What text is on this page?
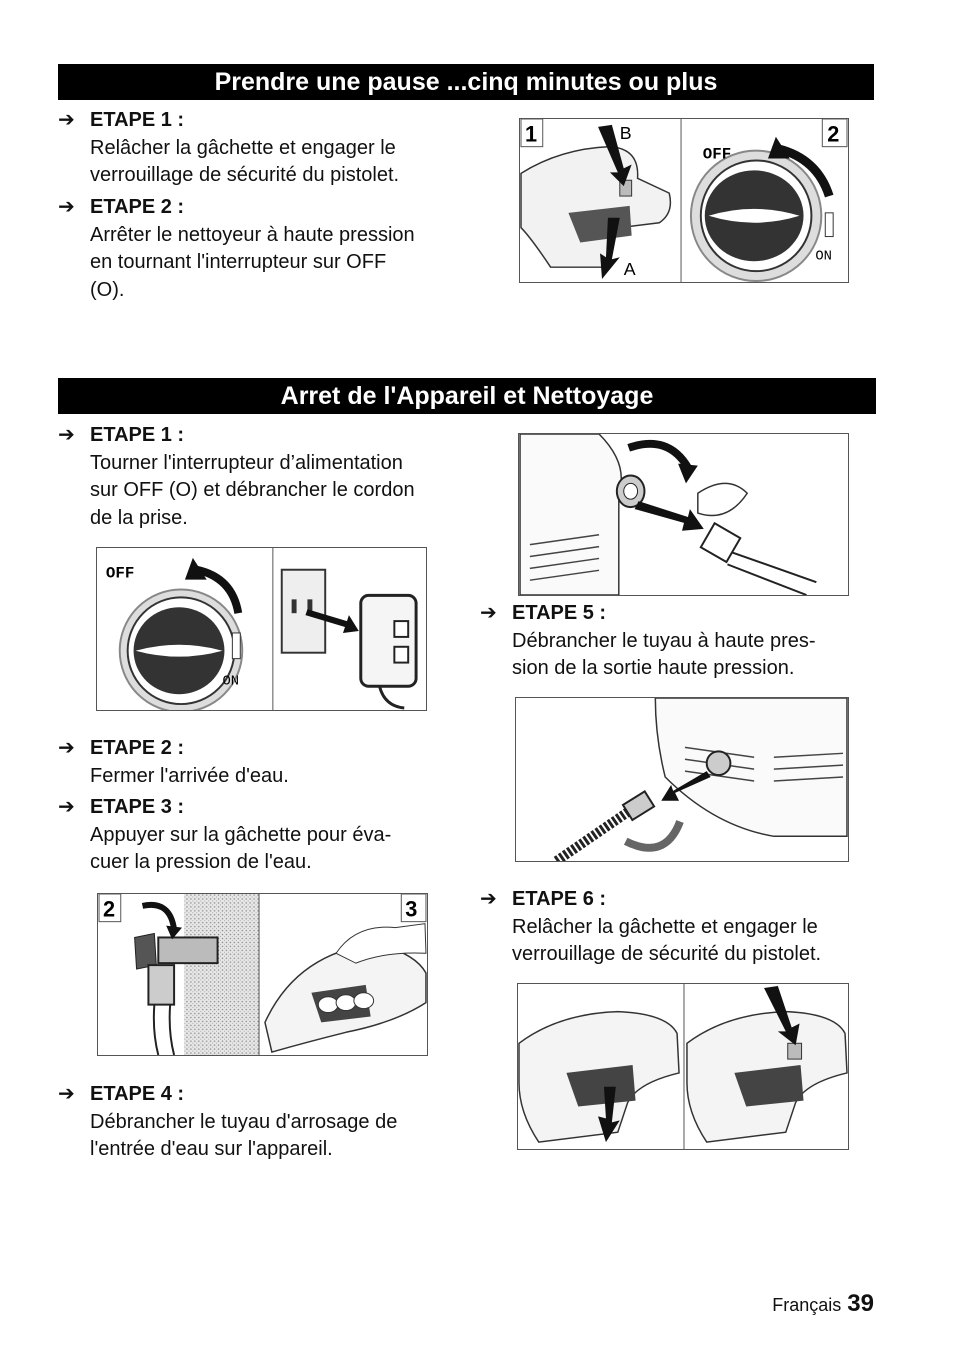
Prendre une pause ...cinq minutes ou plus
➔ ETAPE 1 :
Relâcher la gâchette et engager le
verrouillage de sécurité du pistolet.
➔ ETAPE 2 :
Arrêter le nettoyeur à haute pression
en tournant l'interrupteur sur OFF
(O).
1	B
A
OFF
ON
2
Arret de l'Appareil et Nettoyage
➔ ETAPE 1 :
Tourner l'interrupteur d’alimentation
sur OFF (O) et débrancher le cordon
de la prise.
OFF
ON
➔ ETAPE 2 :
Fermer l'arrivée d'eau.
➔ ETAPE 3 :
Appuyer sur la gâchette pour éva-
cuer la pression de l'eau.
2	3
➔ ETAPE 4 :
Débrancher le tuyau d'arrosage de
l'entrée d'eau sur l'appareil.
➔ ETAPE 5 :
Débrancher le tuyau à haute pres-
sion de la sortie haute pression.
➔ ETAPE 6 :
Relâcher la gâchette et engager le
verrouillage de sécurité du pistolet.
Français 39
